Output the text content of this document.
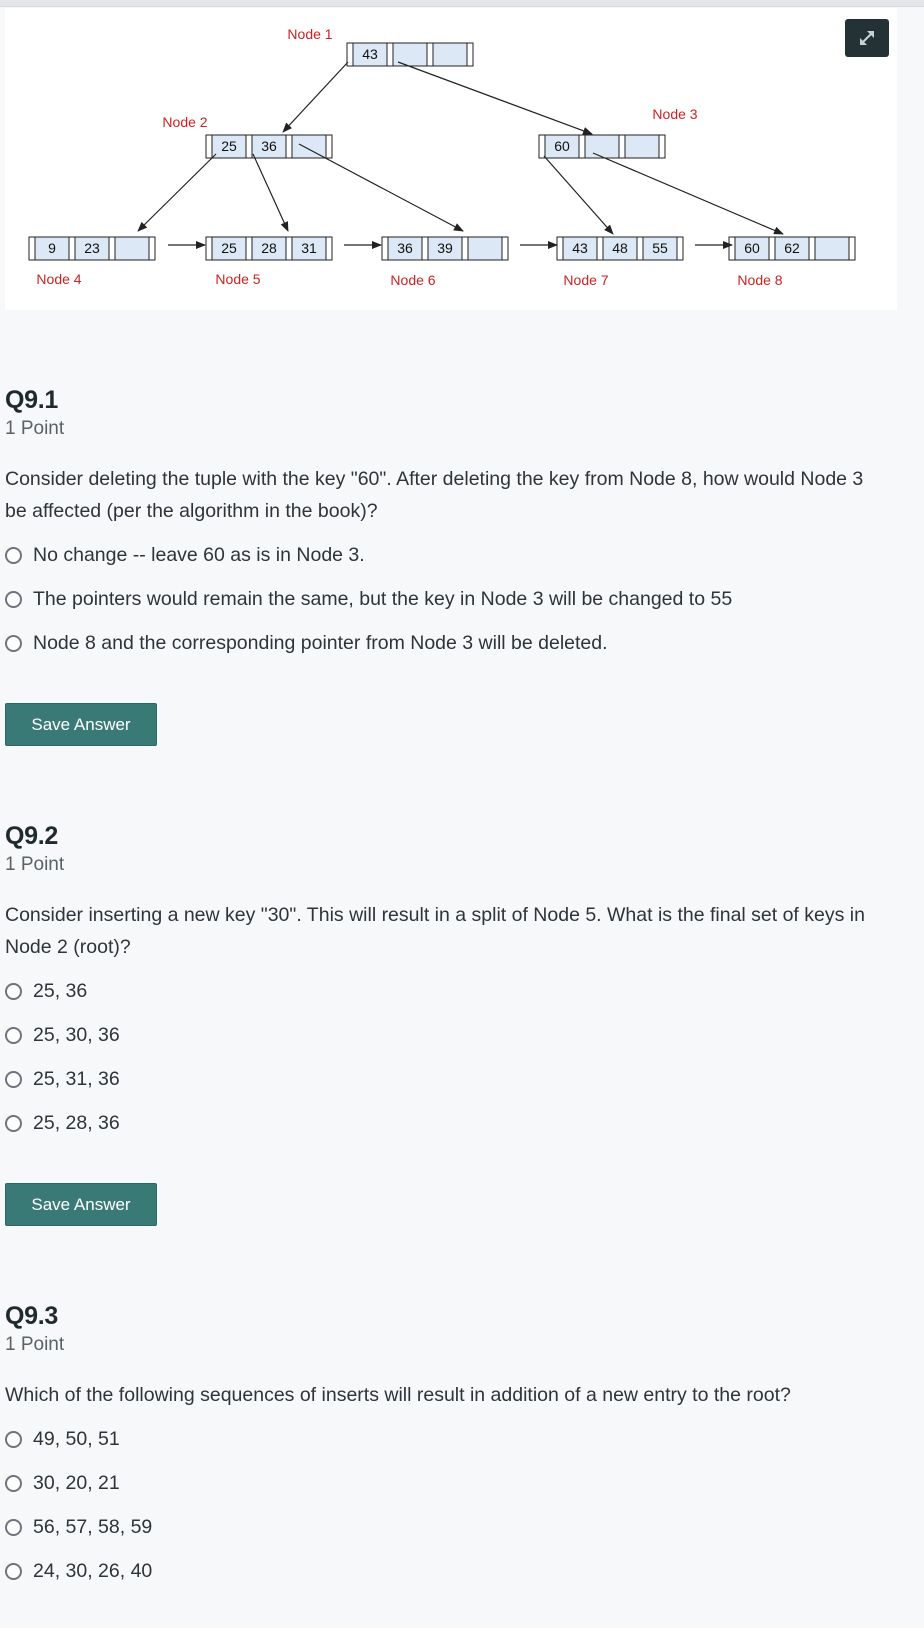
43
Node 1
25 36
Node 2
60
Node 3
9 23
Node 4
25 28 31
Node 5
36 39
Node 6
43 48 55
Node 7
60 62
Node 8
Q9.1
1 Point
Consider deleting the tuple with the key "60". After deleting the key from Node 8, how would Node 3 be affected (per the algorithm in the book)?
No change -- leave 60 as is in Node 3.
The pointers would remain the same, but the key in Node 3 will be changed to 55
Node 8 and the corresponding pointer from Node 3 will be deleted.
Save Answer
Q9.2
1 Point
Consider inserting a new key "30". This will result in a split of Node 5. What is the final set of keys in Node 2 (root)?
25, 36
25, 30, 36
25, 31, 36
25, 28, 36
Save Answer
Q9.3
1 Point
Which of the following sequences of inserts will result in addition of a new entry to the root?
49, 50, 51
30, 20, 21
56, 57, 58, 59
24, 30, 26, 40
